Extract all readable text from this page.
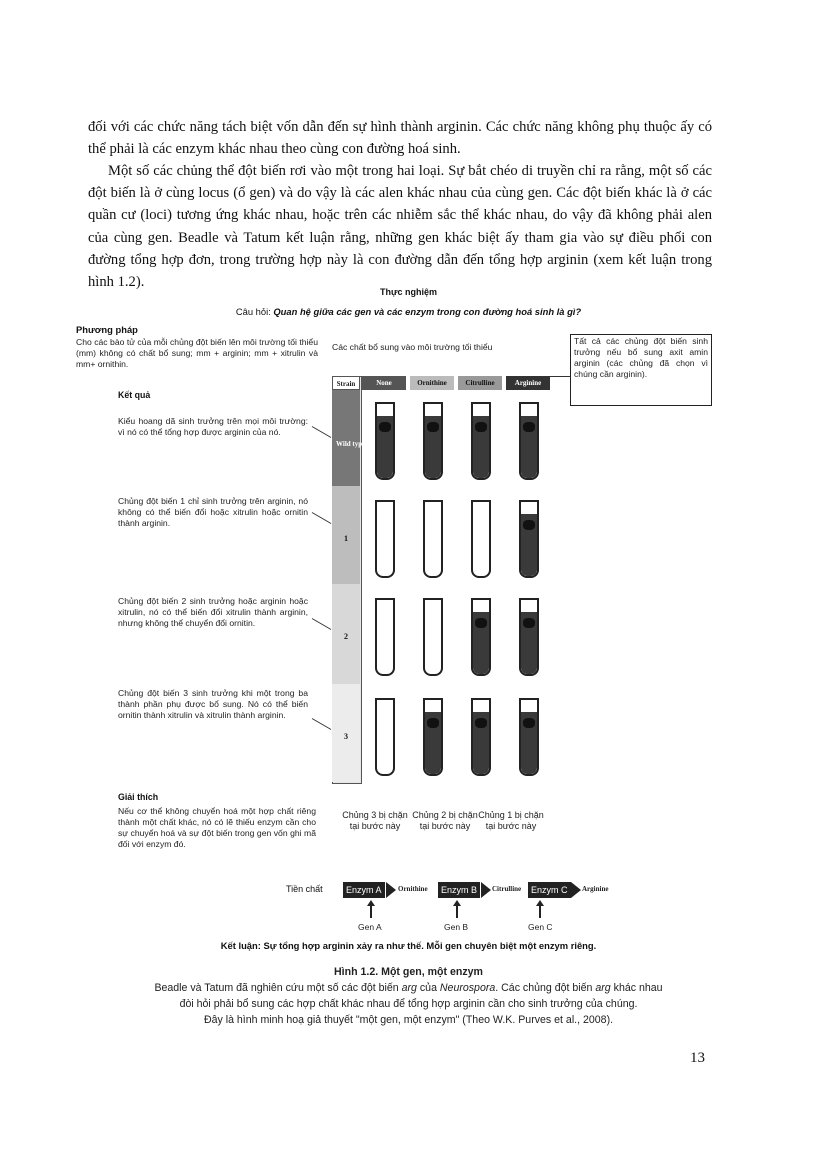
đối với các chức năng tách biệt vốn dẫn đến sự hình thành arginin. Các chức năng không phụ thuộc ấy có thể phải là các enzym khác nhau theo cùng con đường hoá sinh.
Một số các chủng thể đột biến rơi vào một trong hai loại. Sự bắt chéo di truyền chỉ ra rằng, một số các đột biến là ở cùng locus (ổ gen) và do vậy là các alen khác nhau của cùng gen. Các đột biến khác là ở các quần cư (loci) tương ứng khác nhau, hoặc trên các nhiễm sắc thể khác nhau, do vậy đã không phải alen của cùng gen. Beadle và Tatum kết luận rằng, những gen khác biệt ấy tham gia vào sự điều phối con đường tổng hợp đơn, trong trường hợp này là con đường dẫn đến tổng hợp arginin (xem kết luận trong hình 1.2).
Thực nghiệm
Câu hỏi: Quan hệ giữa các gen và các enzym trong con đường hoá sinh là gì?
Phương pháp
Cho các bào tử của mỗi chủng đột biến lên môi trường tối thiểu (mm) không có chất bổ sung; mm + arginin; mm + xitrulin và mm+ ornithin.
Các chất bổ sung vào môi trường tối thiểu
Tất cả các chủng đột biến sinh trưởng nếu bổ sung axit amin arginin (các chủng đã chọn vì chúng cần arginin).
Kết quả
Strain	None	Ornithine	Citrulline	Arginine
Wild type
1
2
3
Kiểu hoang dã sinh trưởng trên mọi môi trường: vì nó có thể tổng hợp được arginin của nó.
Chủng đột biến 1 chỉ sinh trưởng trên arginin, nó không có thể biến đổi hoặc xitrulin hoặc ornitin thành arginin.
Chủng đột biến 2 sinh trưởng hoặc arginin hoặc xitrulin, nó có thể biến đổi xitrulin thành arginin, nhưng không thể chuyển đổi ornitin.
Chủng đột biến 3 sinh trưởng khi một trong ba thành phần phụ được bổ sung. Nó có thể biến ornitin thành xitrulin và xitrulin thành arginin.
Giải thích
Nếu cơ thể không chuyển hoá một hợp chất riêng thành một chất khác, nó có lẽ thiếu enzym cần cho sự chuyển hoá và sự đột biến trong gen vốn ghi mã đối với enzym đó.
Chủng 3 bị chặn tại bước này
Chủng 2 bị chặn tại bước này
Chủng 1 bị chặn tại bước này
Tiền chất	Enzym A	Ornithine	Enzym B	Citrulline	Enzym C	Arginine
Gen A	Gen B	Gen C
Kết luận: Sự tổng hợp arginin xảy ra như thế. Mỗi gen chuyên biệt một enzym riêng.
Hình 1.2. Một gen, một enzym
Beadle và Tatum đã nghiên cứu một số các đột biến arg của Neurospora. Các chủng đột biến arg khác nhau
đòi hỏi phải bổ sung các hợp chất khác nhau để tổng hợp arginin cần cho sinh trưởng của chúng.
Đây là hình minh hoạ giả thuyết "một gen, một enzym" (Theo W.K. Purves et al., 2008).
13
